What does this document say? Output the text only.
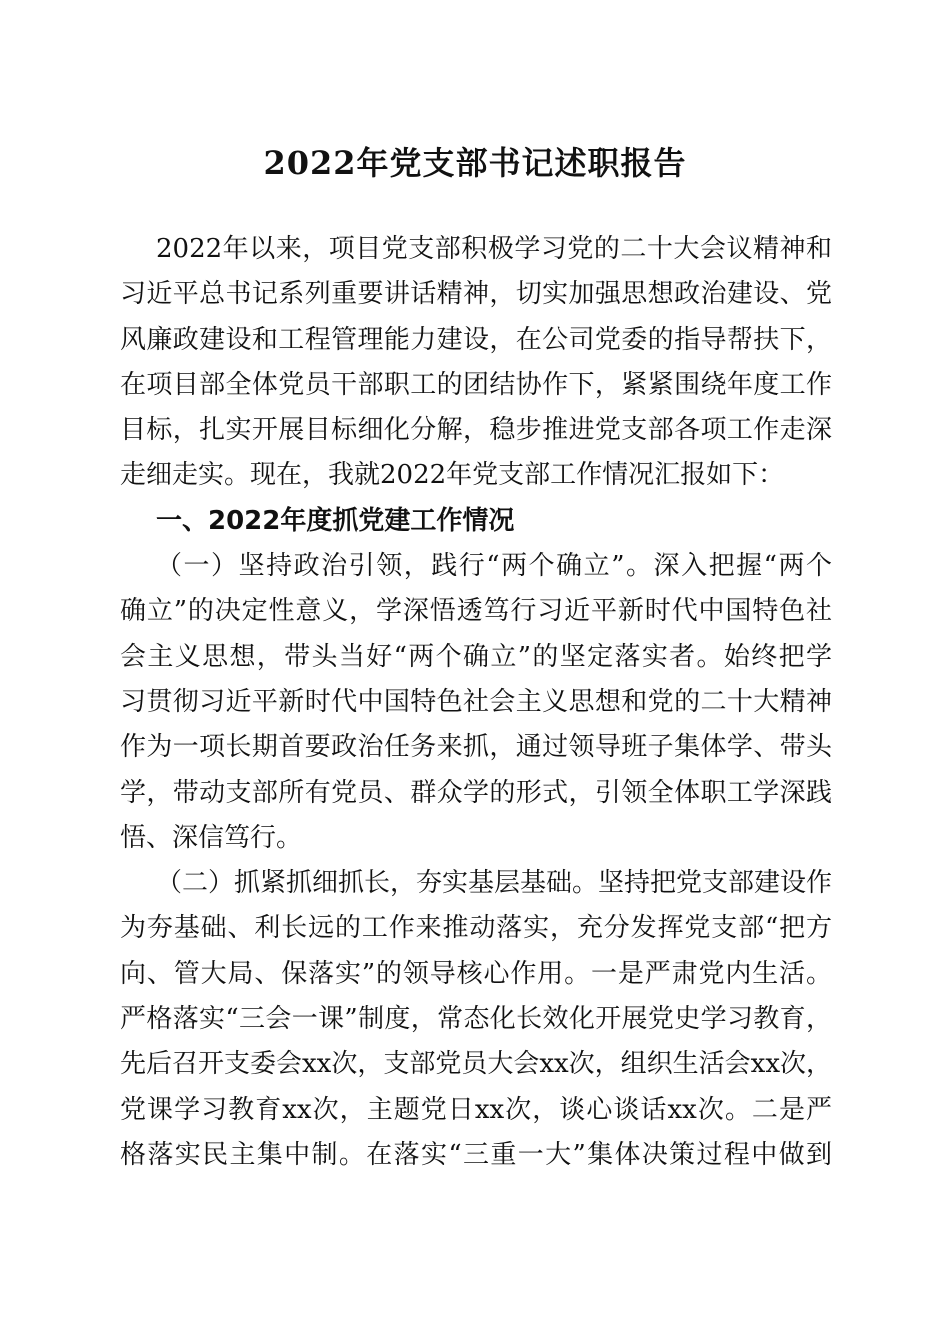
2022年党支部书记述职报告
2022年以来，项目党支部积极学习党的二十大会议精神和
习近平总书记系列重要讲话精神，切实加强思想政治建设、党
风廉政建设和工程管理能力建设，在公司党委的指导帮扶下，
在项目部全体党员干部职工的团结协作下，紧紧围绕年度工作
目标，扎实开展目标细化分解，稳步推进党支部各项工作走深
走细走实。现在，我就2022年党支部工作情况汇报如下：
一、2022年度抓党建工作情况
（一）坚持政治引领，践行“两个确立”。深入把握“两个
确立”的决定性意义，学深悟透笃行习近平新时代中国特色社
会主义思想，带头当好“两个确立”的坚定落实者。始终把学
习贯彻习近平新时代中国特色社会主义思想和党的二十大精神
作为一项长期首要政治任务来抓，通过领导班子集体学、带头
学，带动支部所有党员、群众学的形式，引领全体职工学深践
悟、深信笃行。
（二）抓紧抓细抓长，夯实基层基础。坚持把党支部建设作
为夯基础、利长远的工作来推动落实，充分发挥党支部“把方
向、管大局、保落实”的领导核心作用。一是严肃党内生活。
严格落实“三会一课”制度，常态化长效化开展党史学习教育，
先后召开支委会xx次，支部党员大会xx次，组织生活会xx次，
党课学习教育xx次，主题党日xx次，谈心谈话xx次。二是严
格落实民主集中制。在落实“三重一大”集体决策过程中做到
